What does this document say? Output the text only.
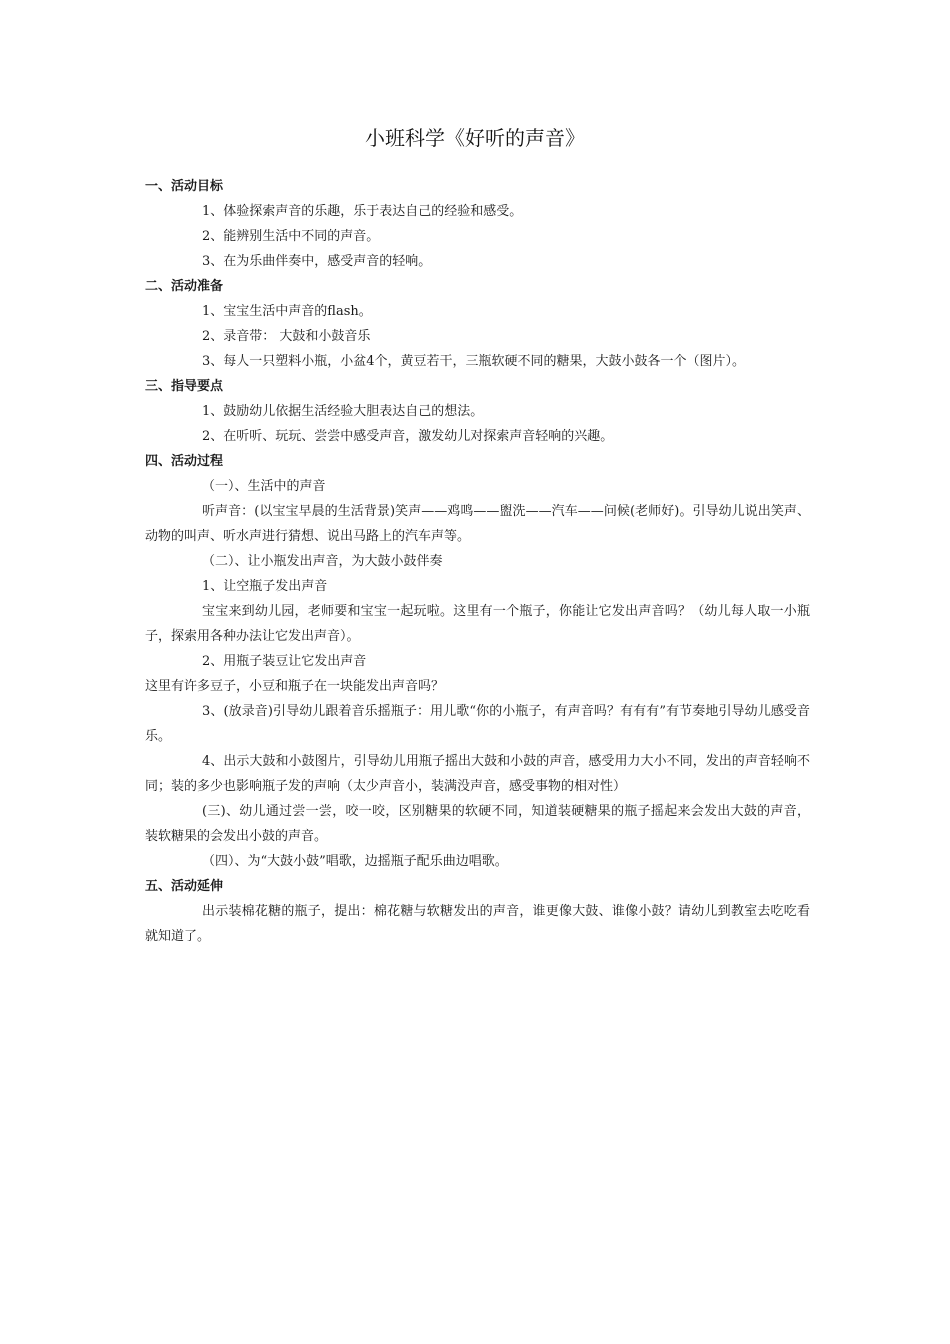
小班科学《好听的声音》
一、活动目标
1、体验探索声音的乐趣，乐于表达自己的经验和感受。
2、能辨别生活中不同的声音。
3、在为乐曲伴奏中，感受声音的轻响。
二、活动准备
1、宝宝生活中声音的flash。
2、录音带： 大鼓和小鼓音乐
3、每人一只塑料小瓶，小盆4个，黄豆若干，三瓶软硬不同的糖果，大鼓小鼓各一个（图片）。
三、指导要点
1、鼓励幼儿依据生活经验大胆表达自己的想法。
2、在听听、玩玩、尝尝中感受声音，激发幼儿对探索声音轻响的兴趣。
四、活动过程
（一）、生活中的声音
听声音：(以宝宝早晨的生活背景)笑声——鸡鸣——盥洗——汽车——问候(老师好)。引导幼儿说出笑声、动物的叫声、听水声进行猜想、说出马路上的汽车声等。
（二）、让小瓶发出声音，为大鼓小鼓伴奏
1、让空瓶子发出声音
宝宝来到幼儿园，老师要和宝宝一起玩啦。这里有一个瓶子，你能让它发出声音吗？（幼儿每人取一小瓶子，探索用各种办法让它发出声音）。
2、用瓶子装豆让它发出声音
这里有许多豆子，小豆和瓶子在一块能发出声音吗？
3、(放录音)引导幼儿跟着音乐摇瓶子：用儿歌“你的小瓶子，有声音吗？有有有”有节奏地引导幼儿感受音乐。
4、出示大鼓和小鼓图片，引导幼儿用瓶子摇出大鼓和小鼓的声音，感受用力大小不同，发出的声音轻响不同；装的多少也影响瓶子发的声响（太少声音小，装满没声音，感受事物的相对性）
(三)、幼儿通过尝一尝，咬一咬，区别糖果的软硬不同，知道装硬糖果的瓶子摇起来会发出大鼓的声音，装软糖果的会发出小鼓的声音。
（四）、为“大鼓小鼓”唱歌，边摇瓶子配乐曲边唱歌。
五、活动延伸
出示装棉花糖的瓶子，提出：棉花糖与软糖发出的声音，谁更像大鼓、谁像小鼓？请幼儿到教室去吃吃看就知道了。
